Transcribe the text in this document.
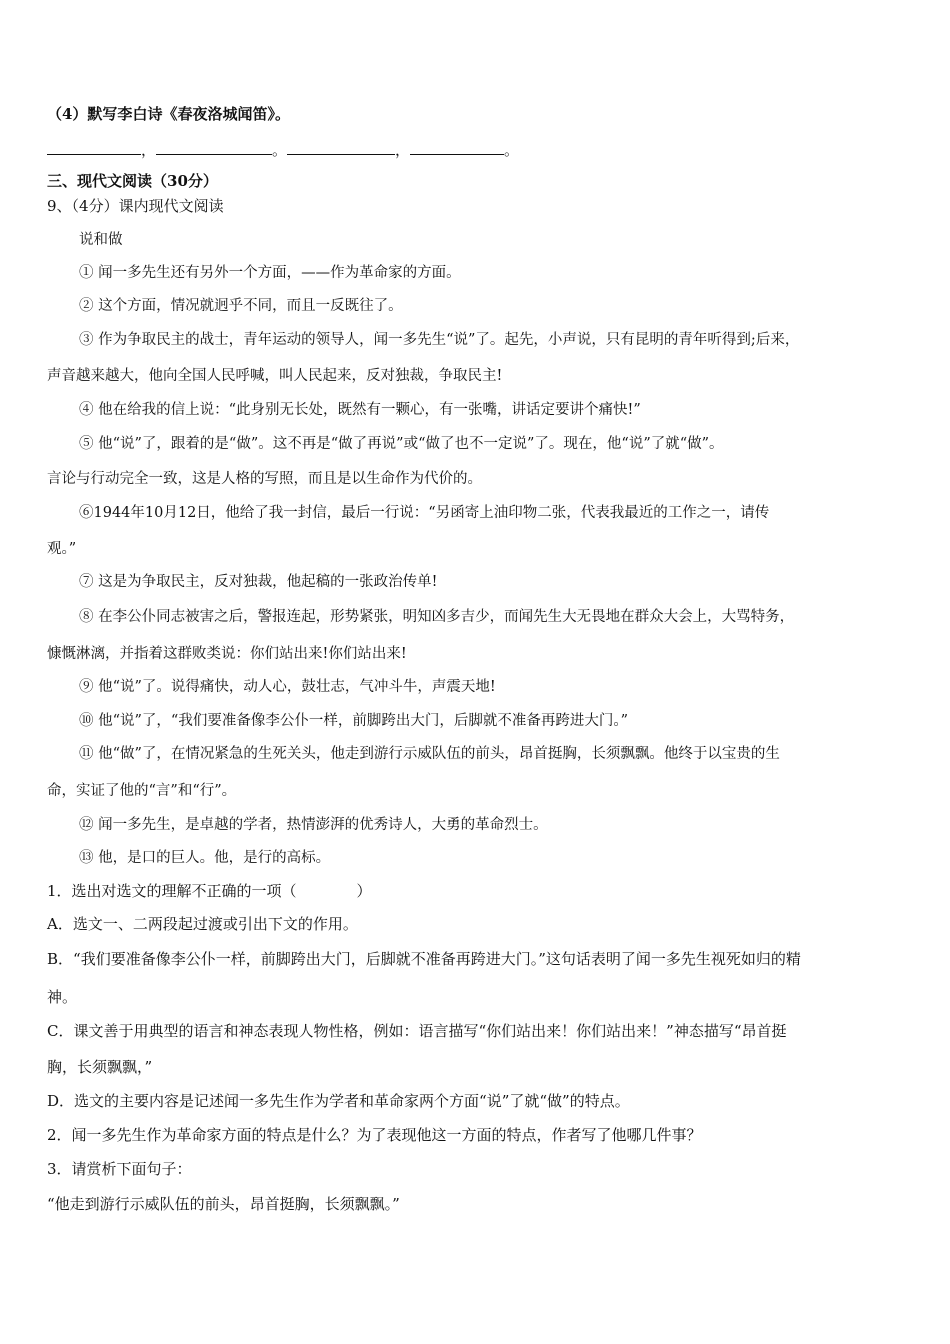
（4）默写李白诗《春夜洛城闻笛》。
，	。	，	。
三、现代文阅读（30分）
9、（4分）课内现代文阅读
说和做
① 闻一多先生还有另外一个方面，——作为革命家的方面。
② 这个方面，情况就迥乎不同，而且一反既往了。
③ 作为争取民主的战士，青年运动的领导人，闻一多先生“说”了。起先，小声说，只有昆明的青年听得到;后来，
声音越来越大，他向全国人民呼喊，叫人民起来，反对独裁，争取民主!
④ 他在给我的信上说：“此身别无长处，既然有一颗心，有一张嘴，讲话定要讲个痛快!”
⑤ 他“说”了，跟着的是“做”。这不再是“做了再说”或“做了也不一定说”了。现在，他“说”了就“做”。
言论与行动完全一致，这是人格的写照，而且是以生命作为代价的。
⑥1944年10月12日，他给了我一封信，最后一行说：“另函寄上油印物二张，代表我最近的工作之一，请传
观。”
⑦ 这是为争取民主，反对独裁，他起稿的一张政治传单!
⑧ 在李公仆同志被害之后，警报连起，形势紧张，明知凶多吉少，而闻先生大无畏地在群众大会上，大骂特务，
慷慨淋漓，并指着这群败类说：你们站出来!你们站出来!
⑨ 他“说”了。说得痛快，动人心，鼓壮志，气冲斗牛，声震天地!
⑩ 他“说”了，“我们要准备像李公仆一样，前脚跨出大门，后脚就不准备再跨进大门。”
⑪ 他“做”了，在情况紧急的生死关头，他走到游行示威队伍的前头，昂首挺胸，长须飘飘。他终于以宝贵的生
命，实证了他的“言”和“行”。
⑫ 闻一多先生，是卓越的学者，热情澎湃的优秀诗人，大勇的革命烈士。
⑬ 他，是口的巨人。他，是行的高标。
1．选出对选文的理解不正确的一项（　　　　）
A．选文一、二两段起过渡或引出下文的作用。
B．“我们要准备像李公仆一样，前脚跨出大门，后脚就不准备再跨进大门。”这句话表明了闻一多先生视死如归的精
神。
C．课文善于用典型的语言和神态表现人物性格，例如：语言描写“你们站出来！你们站出来！”神态描写“昂首挺
胸，长须飘飘，”
D．选文的主要内容是记述闻一多先生作为学者和革命家两个方面“说”了就“做”的特点。
2．闻一多先生作为革命家方面的特点是什么？为了表现他这一方面的特点，作者写了他哪几件事？
3．请赏析下面句子：
“他走到游行示威队伍的前头，昂首挺胸，长须飘飘。”
